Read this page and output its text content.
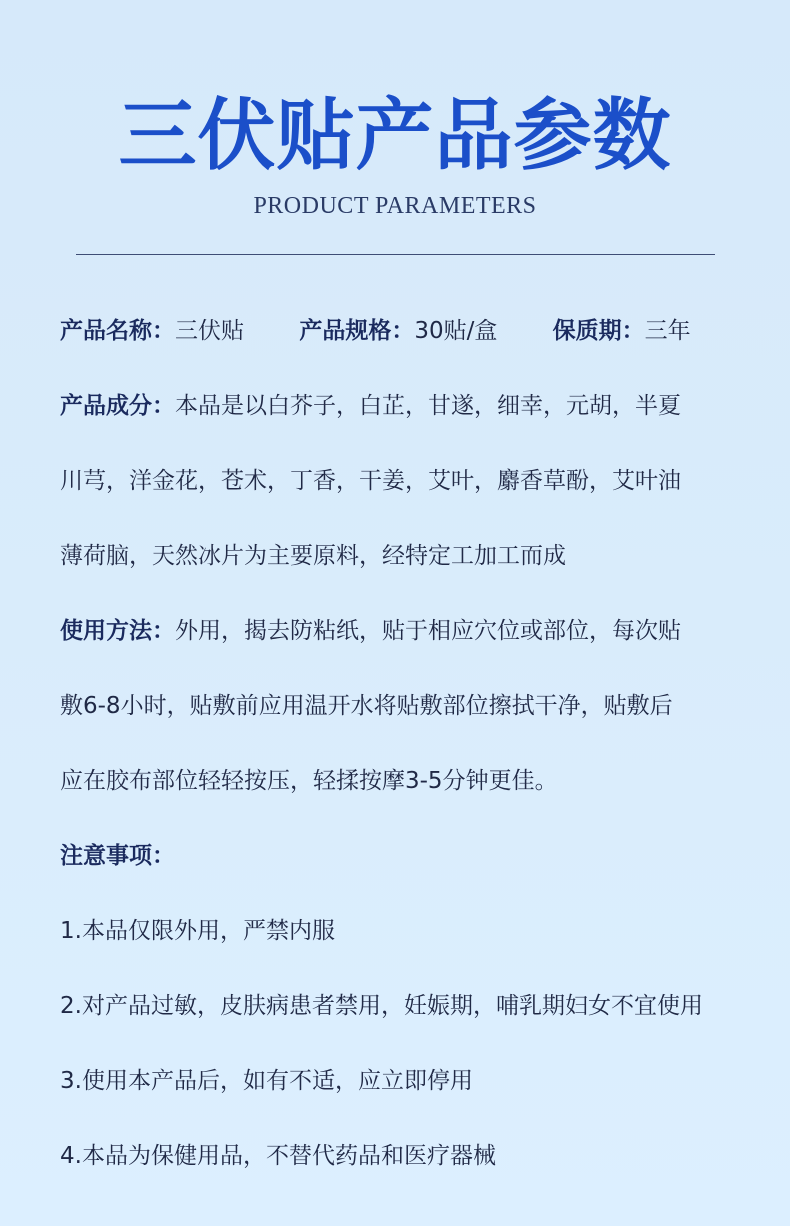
三伏贴产品参数
PRODUCT PARAMETERS
产品名称：三伏贴 产品规格：30贴/盒 保质期：三年
产品成分：本品是以白芥子，白芷，甘遂，细幸，元胡，半夏
川芎，洋金花，苍术，丁香，干姜，艾叶，麝香草酚，艾叶油
薄荷脑，天然冰片为主要原料，经特定工加工而成
使用方法：外用，揭去防粘纸，贴于相应穴位或部位，每次贴
敷6-8小时，贴敷前应用温开水将贴敷部位擦拭干净，贴敷后
应在胶布部位轻轻按压，轻揉按摩3-5分钟更佳。
注意事项：
1.本品仅限外用，严禁内服
2.对产品过敏，皮肤病患者禁用，妊娠期，哺乳期妇女不宜使用
3.使用本产品后，如有不适，应立即停用
4.本品为保健用品，不替代药品和医疗器械
